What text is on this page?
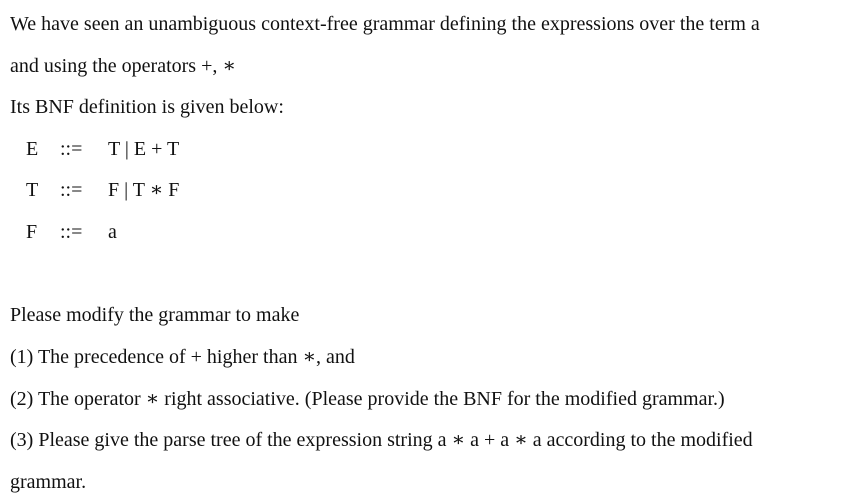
We have seen an unambiguous context-free grammar defining the expressions over the term a
and using the operators +, ∗
Its BNF definition is given below:
E ::= T | E + T
T ::= F | T ∗ F
F ::= a
Please modify the grammar to make
(1) The precedence of + higher than ∗, and
(2) The operator ∗ right associative. (Please provide the BNF for the modified grammar.)
(3) Please give the parse tree of the expression string a ∗ a + a ∗ a according to the modified
grammar.
